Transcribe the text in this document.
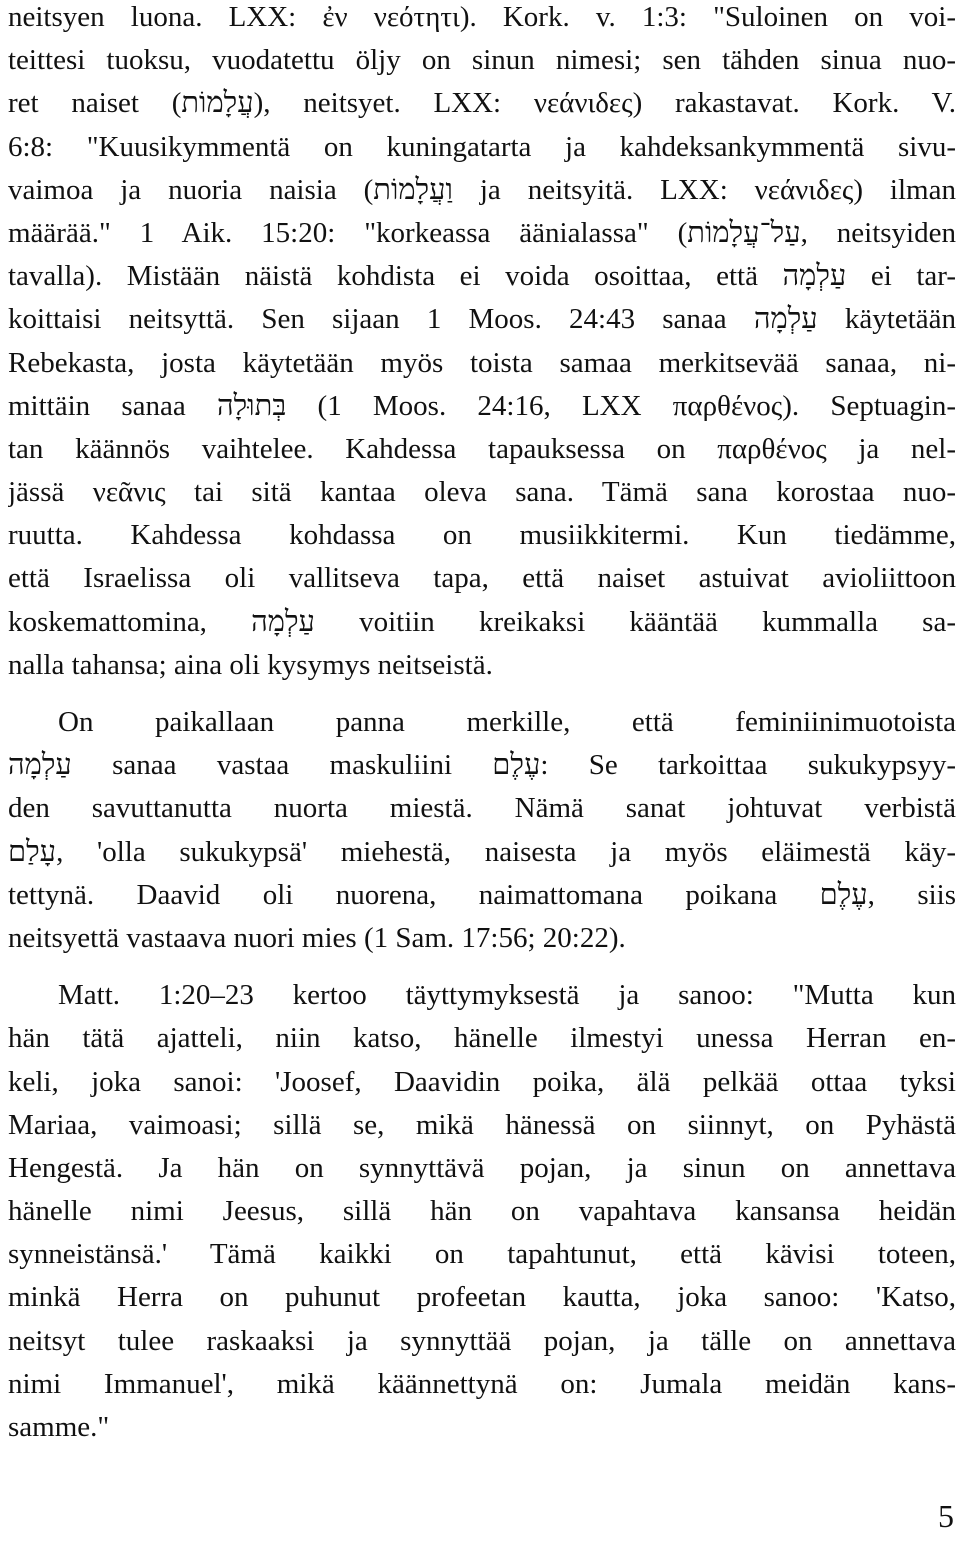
neitsyen luona. LXX: ἐν νεότητι). Kork. v. 1:3: "Suloinen on voi-
teittesi tuoksu, vuodatettu öljy on sinun nimesi; sen tähden sinua nuo-
ret naiset (עֲלָמוֹת), neitsyet. LXX: νεάνιδες) rakastavat. Kork. V.
6:8: "Kuusikymmentä on kuningatarta ja kahdeksankymmentä sivu-
vaimoa ja nuoria naisia (וַעֲלָמוֹת ja neitsyitä. LXX: νεάνιδες) ilman
määrää." 1 Aik. 15:20: "korkeassa äänialassa" (עַל־עֲלָמוֹת, neitsyiden
tavalla). Mistään näistä kohdista ei voida osoittaa, että עַלְמָה ei tar-
koittaisi neitsyttä. Sen sijaan 1 Moos. 24:43 sanaa עַלְמָה käytetään
Rebekasta, josta käytetään myös toista samaa merkitsevää sanaa, ni-
mittäin sanaa בְּתוּלָה (1 Moos. 24:16, LXX παρθένος). Septuagin-
tan käännös vaihtelee. Kahdessa tapauksessa on παρθένος ja nel-
jässä νεᾶνις tai sitä kantaa oleva sana. Tämä sana korostaa nuo-
ruutta. Kahdessa kohdassa on musiikkitermi. Kun tiedämme,
että Israelissa oli vallitseva tapa, että naiset astuivat avioliittoon
koskemattomina, עַלְמָה voitiin kreikaksi kääntää kummalla sa-
nalla tahansa; aina oli kysymys neitseistä.
On paikallaan panna merkille, että feminiinimuotoista
עַלְמָה sanaa vastaa maskuliini עֶלֶם: Se tarkoittaa sukukypsyy-
den savuttanutta nuorta miestä. Nämä sanat johtuvat verbistä
עָלַם, 'olla sukukypsä' miehestä, naisesta ja myös eläimestä käy-
tettynä. Daavid oli nuorena, naimattomana poikana עֶלֶם, siis
neitsyettä vastaava nuori mies (1 Sam. 17:56; 20:22).
Matt. 1:20–23 kertoo täyttymyksestä ja sanoo: "Mutta kun
hän tätä ajatteli, niin katso, hänelle ilmestyi unessa Herran en-
keli, joka sanoi: 'Joosef, Daavidin poika, älä pelkää ottaa tyksi
Mariaa, vaimoasi; sillä se, mikä hänessä on siinnyt, on Pyhästä
Hengestä. Ja hän on synnyttävä pojan, ja sinun on annettava
hänelle nimi Jeesus, sillä hän on vapahtava kansansa heidän
synneistänsä.' Tämä kaikki on tapahtunut, että kävisi toteen,
minkä Herra on puhunut profeetan kautta, joka sanoo: 'Katso,
neitsyt tulee raskaaksi ja synnyttää pojan, ja tälle on annettava
nimi Immanuel', mikä käännettynä on: Jumala meidän kans-
samme."
5
